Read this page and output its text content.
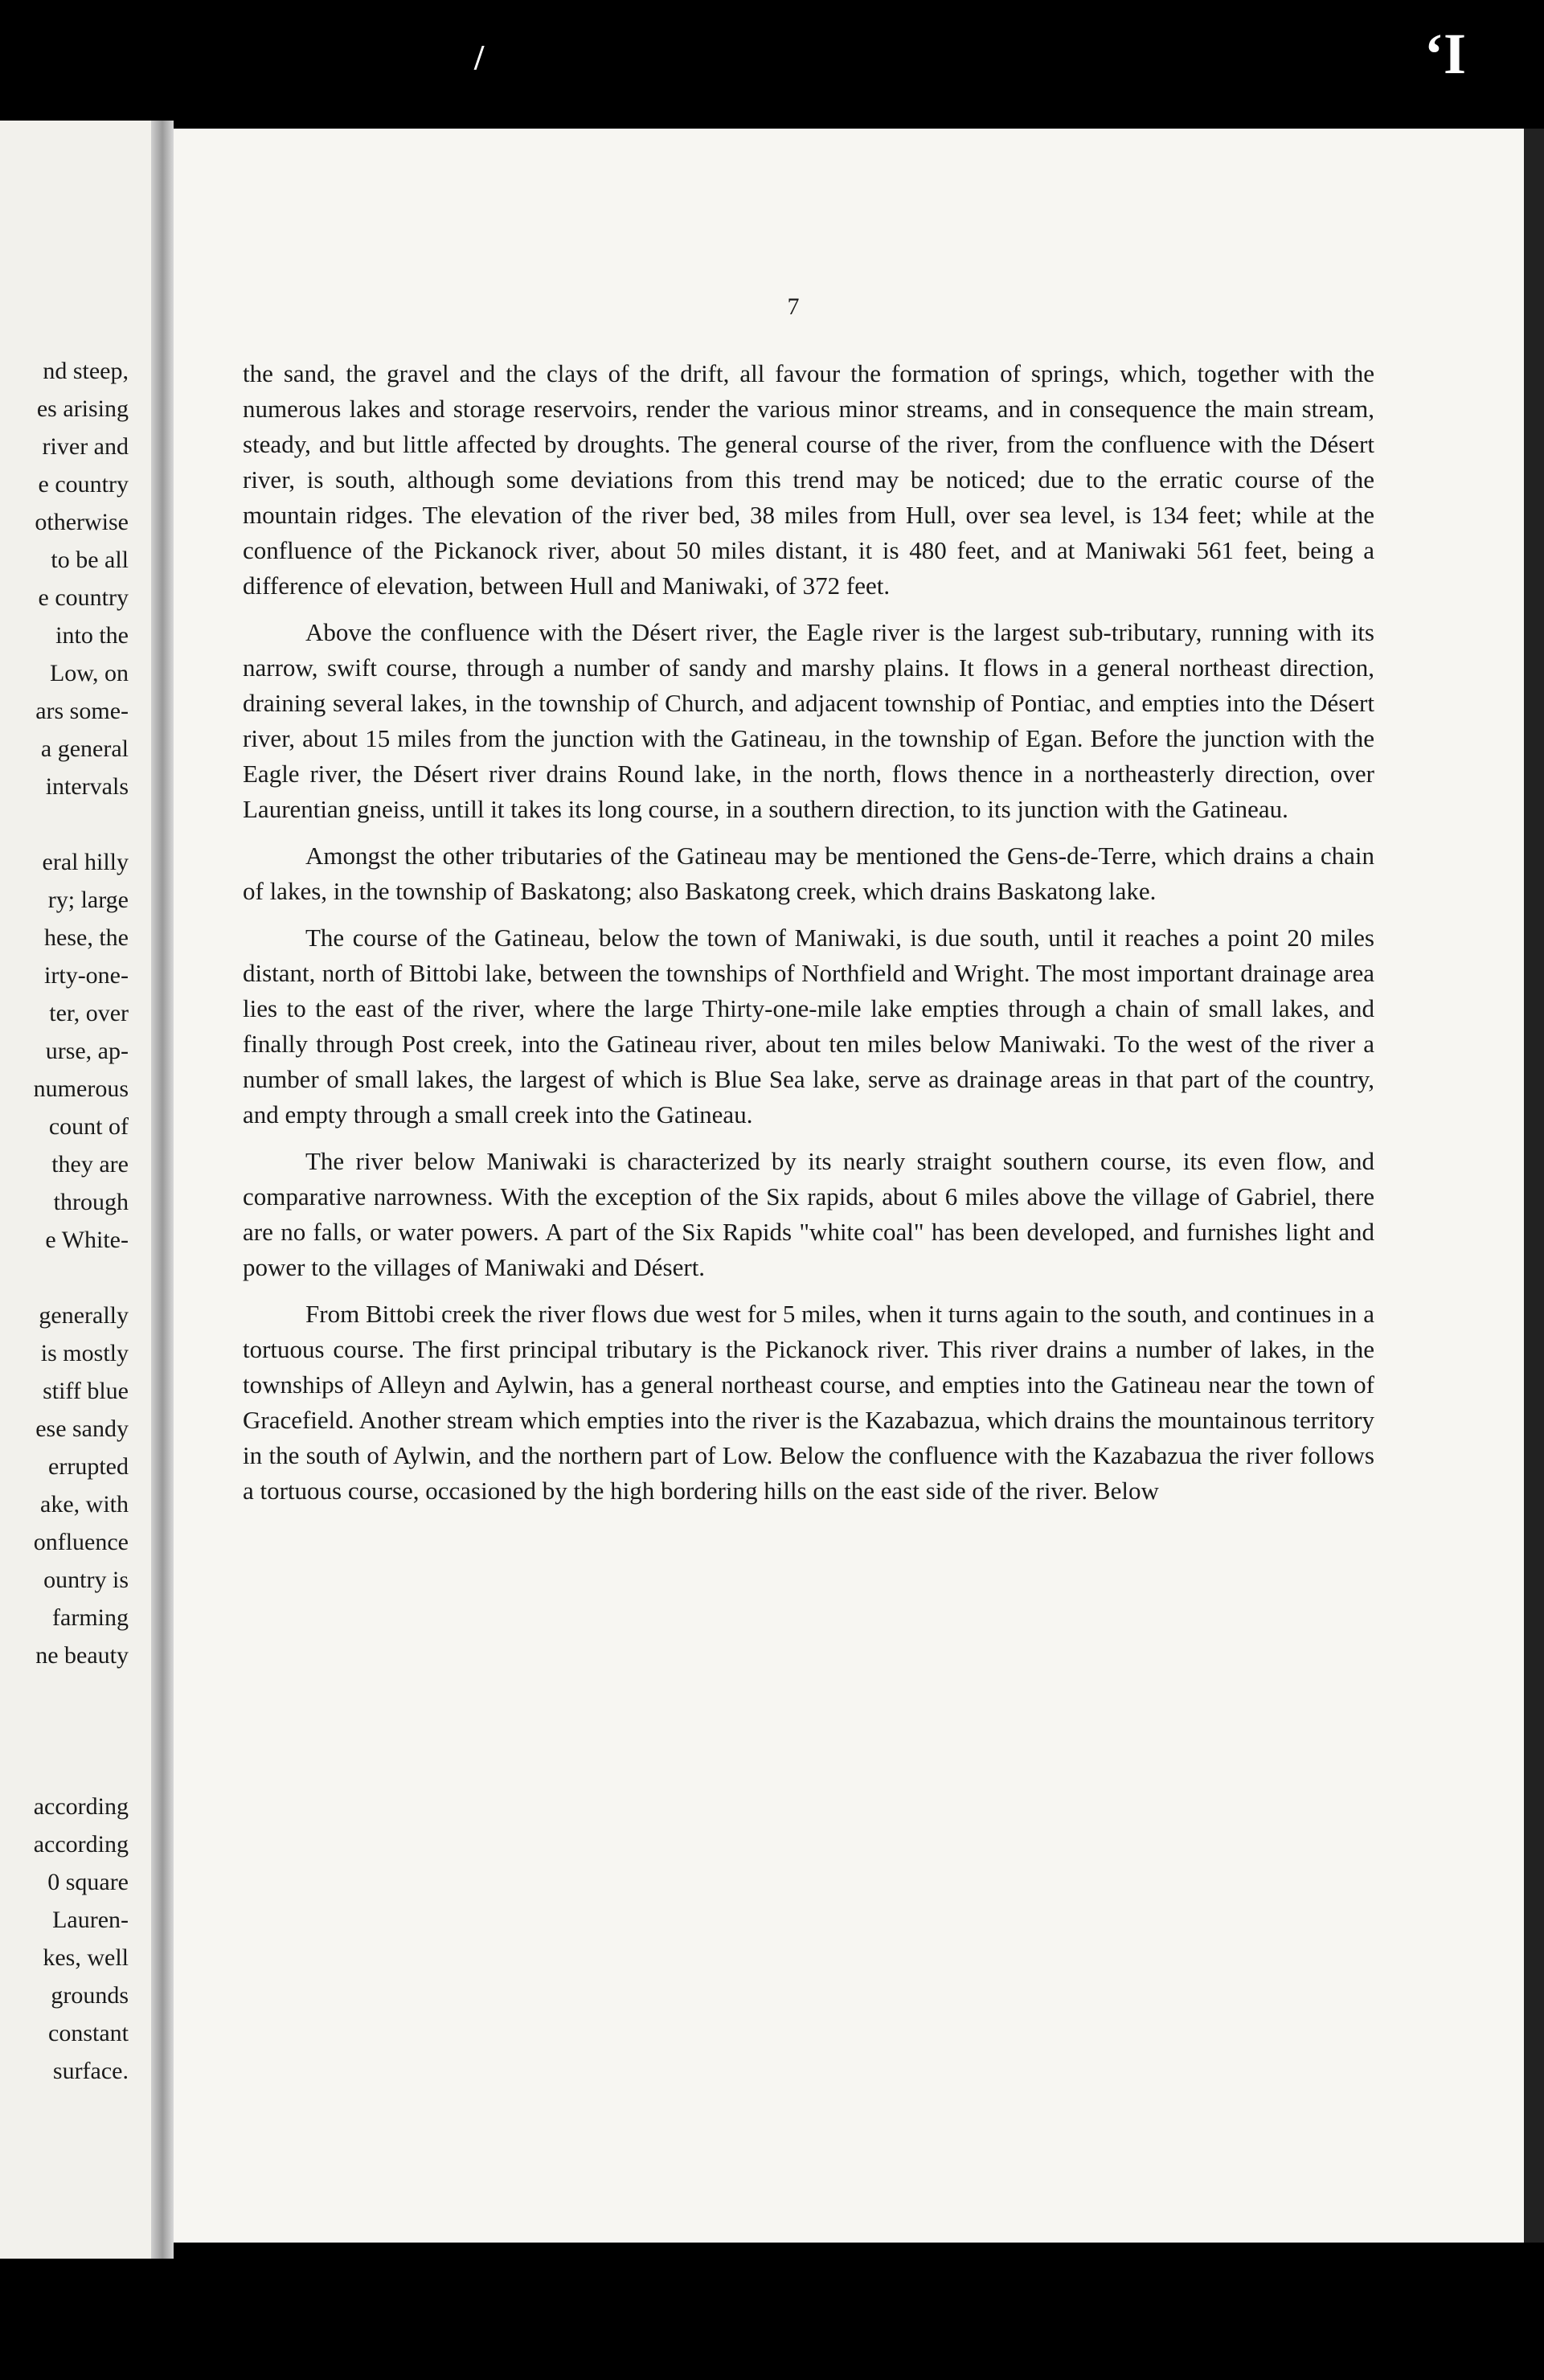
/	ʻI
nd steep,
es arising
river and
e country
otherwise
to be all
e country
into the
Low, on
ars some-
a general
intervals
eral hilly
ry; large
hese, the
irty-one-
ter, over
urse, ap-
numerous
count of
they are
through
e White-
generally
is mostly
stiff blue
ese sandy
errupted
ake, with
onfluence
ountry is
farming
ne beauty
according
according
0 square
Lauren-
kes, well
grounds
constant
surface.
7

the sand, the gravel and the clays of the drift, all favour the formation of springs, which, together with the numerous lakes and storage reservoirs, render the various minor streams, and in consequence the main stream, steady, and but little affected by droughts. The general course of the river, from the confluence with the Désert river, is south, although some deviations from this trend may be noticed; due to the erratic course of the mountain ridges. The elevation of the river bed, 38 miles from Hull, over sea level, is 134 feet; while at the confluence of the Pickanock river, about 50 miles distant, it is 480 feet, and at Maniwaki 561 feet, being a difference of elevation, between Hull and Maniwaki, of 372 feet.

Above the confluence with the Désert river, the Eagle river is the largest sub-tributary, running with its narrow, swift course, through a number of sandy and marshy plains. It flows in a general northeast direction, draining several lakes, in the township of Church, and adjacent township of Pontiac, and empties into the Désert river, about 15 miles from the junction with the Gatineau, in the township of Egan. Before the junction with the Eagle river, the Désert river drains Round lake, in the north, flows thence in a northeasterly direction, over Laurentian gneiss, untill it takes its long course, in a southern direction, to its junction with the Gatineau.

Amongst the other tributaries of the Gatineau may be mentioned the Gens-de-Terre, which drains a chain of lakes, in the township of Baskatong; also Baskatong creek, which drains Baskatong lake.

The course of the Gatineau, below the town of Maniwaki, is due south, until it reaches a point 20 miles distant, north of Bittobi lake, between the townships of Northfield and Wright. The most important drainage area lies to the east of the river, where the large Thirty-one-mile lake empties through a chain of small lakes, and finally through Post creek, into the Gatineau river, about ten miles below Maniwaki. To the west of the river a number of small lakes, the largest of which is Blue Sea lake, serve as drainage areas in that part of the country, and empty through a small creek into the Gatineau.

The river below Maniwaki is characterized by its nearly straight southern course, its even flow, and comparative narrowness. With the exception of the Six rapids, about 6 miles above the village of Gabriel, there are no falls, or water powers. A part of the Six Rapids "white coal" has been developed, and furnishes light and power to the villages of Maniwaki and Désert.

From Bittobi creek the river flows due west for 5 miles, when it turns again to the south, and continues in a tortuous course. The first principal tributary is the Pickanock river. This river drains a number of lakes, in the townships of Alleyn and Aylwin, has a general northeast course, and empties into the Gatineau near the town of Gracefield. Another stream which empties into the river is the Kazabazua, which drains the mountainous territory in the south of Aylwin, and the northern part of Low. Below the confluence with the Kazabazua the river follows a tortuous course, occasioned by the high bordering hills on the east side of the river. Below
